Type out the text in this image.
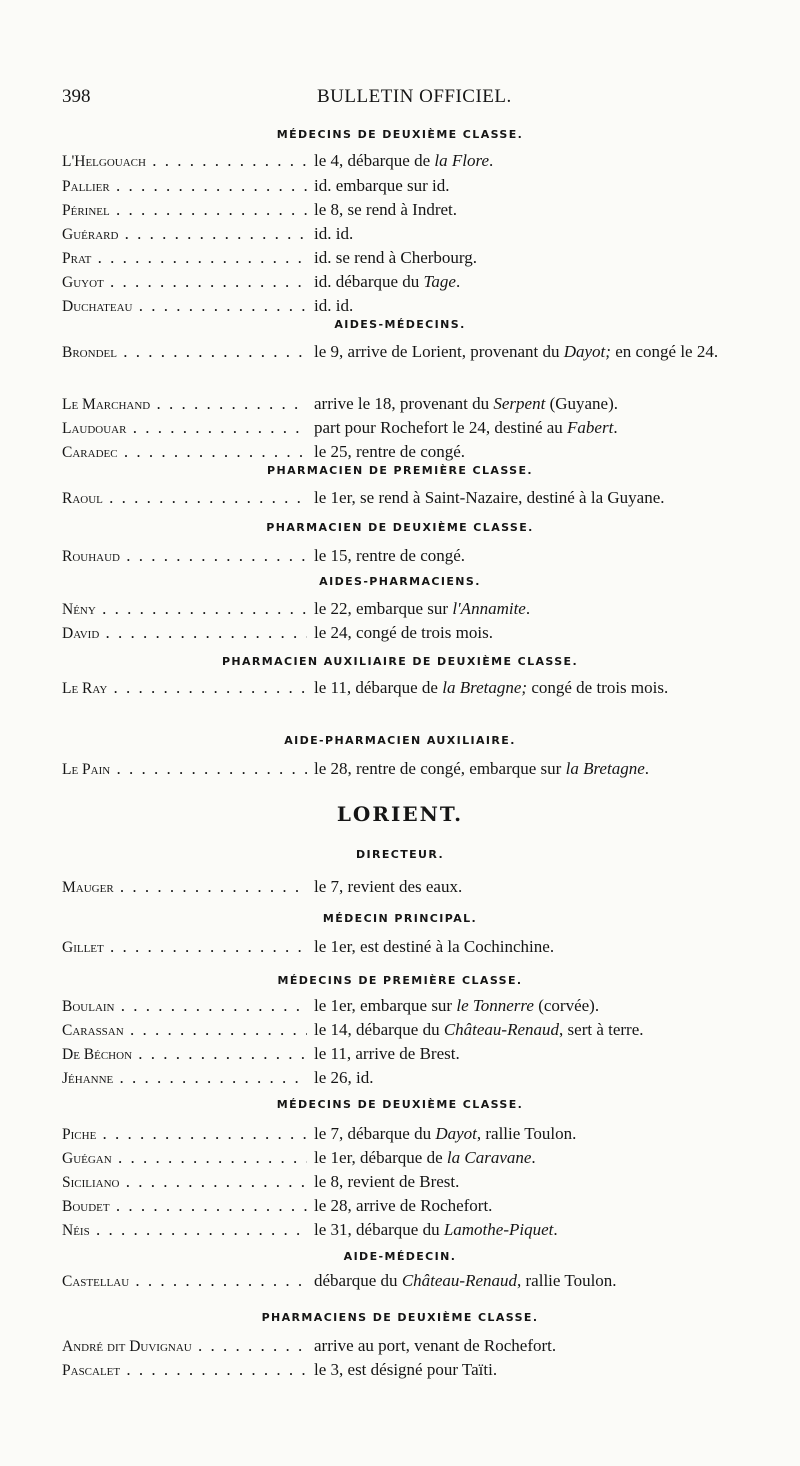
398	BULLETIN OFFICIEL.
MÉDECINS DE DEUXIÈME CLASSE.
L'Helgouach . . .	le 4, débarque de la Flore.
Pallier . . .	id. embarque sur id.
Périnel . . .	le 8, se rend à Indret.
Guérard . . .	id. id.
Prat . . .	id. se rend à Cherbourg.
Guyot . . .	id. débarque du Tage.
Duchateau . . .	id. id.
AIDES-MÉDECINS.
Brondel . . .	le 9, arrive de Lorient, provenant du Dayot; en congé le 24.
Le Marchand . . .	arrive le 18, provenant du Serpent (Guyane).
Laudouar . . .	part pour Rochefort le 24, destiné au Fabert.
Caradec . . .	le 25, rentre de congé.
PHARMACIEN DE PREMIÈRE CLASSE.
Raoul . . .	le 1er, se rend à Saint-Nazaire, destiné à la Guyane.
PHARMACIEN DE DEUXIÈME CLASSE.
Rouhaud . . .	le 15, rentre de congé.
AIDES-PHARMACIENS.
Nény . . .	le 22, embarque sur l'Annamite.
David . . .	le 24, congé de trois mois.
PHARMACIEN AUXILIAIRE DE DEUXIÈME CLASSE.
Le Ray . . .	le 11, débarque de la Bretagne; congé de trois mois.
AIDE-PHARMACIEN AUXILIAIRE.
Le Pain . . .	le 28, rentre de congé, embarque sur la Bretagne.
LORIENT.
DIRECTEUR.
Mauger . . .	le 7, revient des eaux.
MÉDECIN PRINCIPAL.
Gillet . . .	le 1er, est destiné à la Cochinchine.
MÉDECINS DE PREMIÈRE CLASSE.
Boulain . . .	le 1er, embarque sur le Tonnerre (corvée).
Carassan . . .	le 14, débarque du Château-Renaud, sert à terre.
De Béchon . . .	le 11, arrive de Brest.
Jéhanne . . .	le 26, id.
MÉDECINS DE DEUXIÈME CLASSE.
Piche . . .	le 7, débarque du Dayot, rallie Toulon.
Guégan . . .	le 1er, débarque de la Caravane.
Siciliano . . .	le 8, revient de Brest.
Boudet . . .	le 28, arrive de Rochefort.
Néis . . .	le 31, débarque du Lamothe-Piquet.
AIDE-MÉDECIN.
Castellau . . .	débarque du Château-Renaud, rallie Toulon.
PHARMACIENS DE DEUXIÈME CLASSE.
André dit Duvignau . . .	arrive au port, venant de Rochefort.
Pascalet . . .	le 3, est désigné pour Taïti.
